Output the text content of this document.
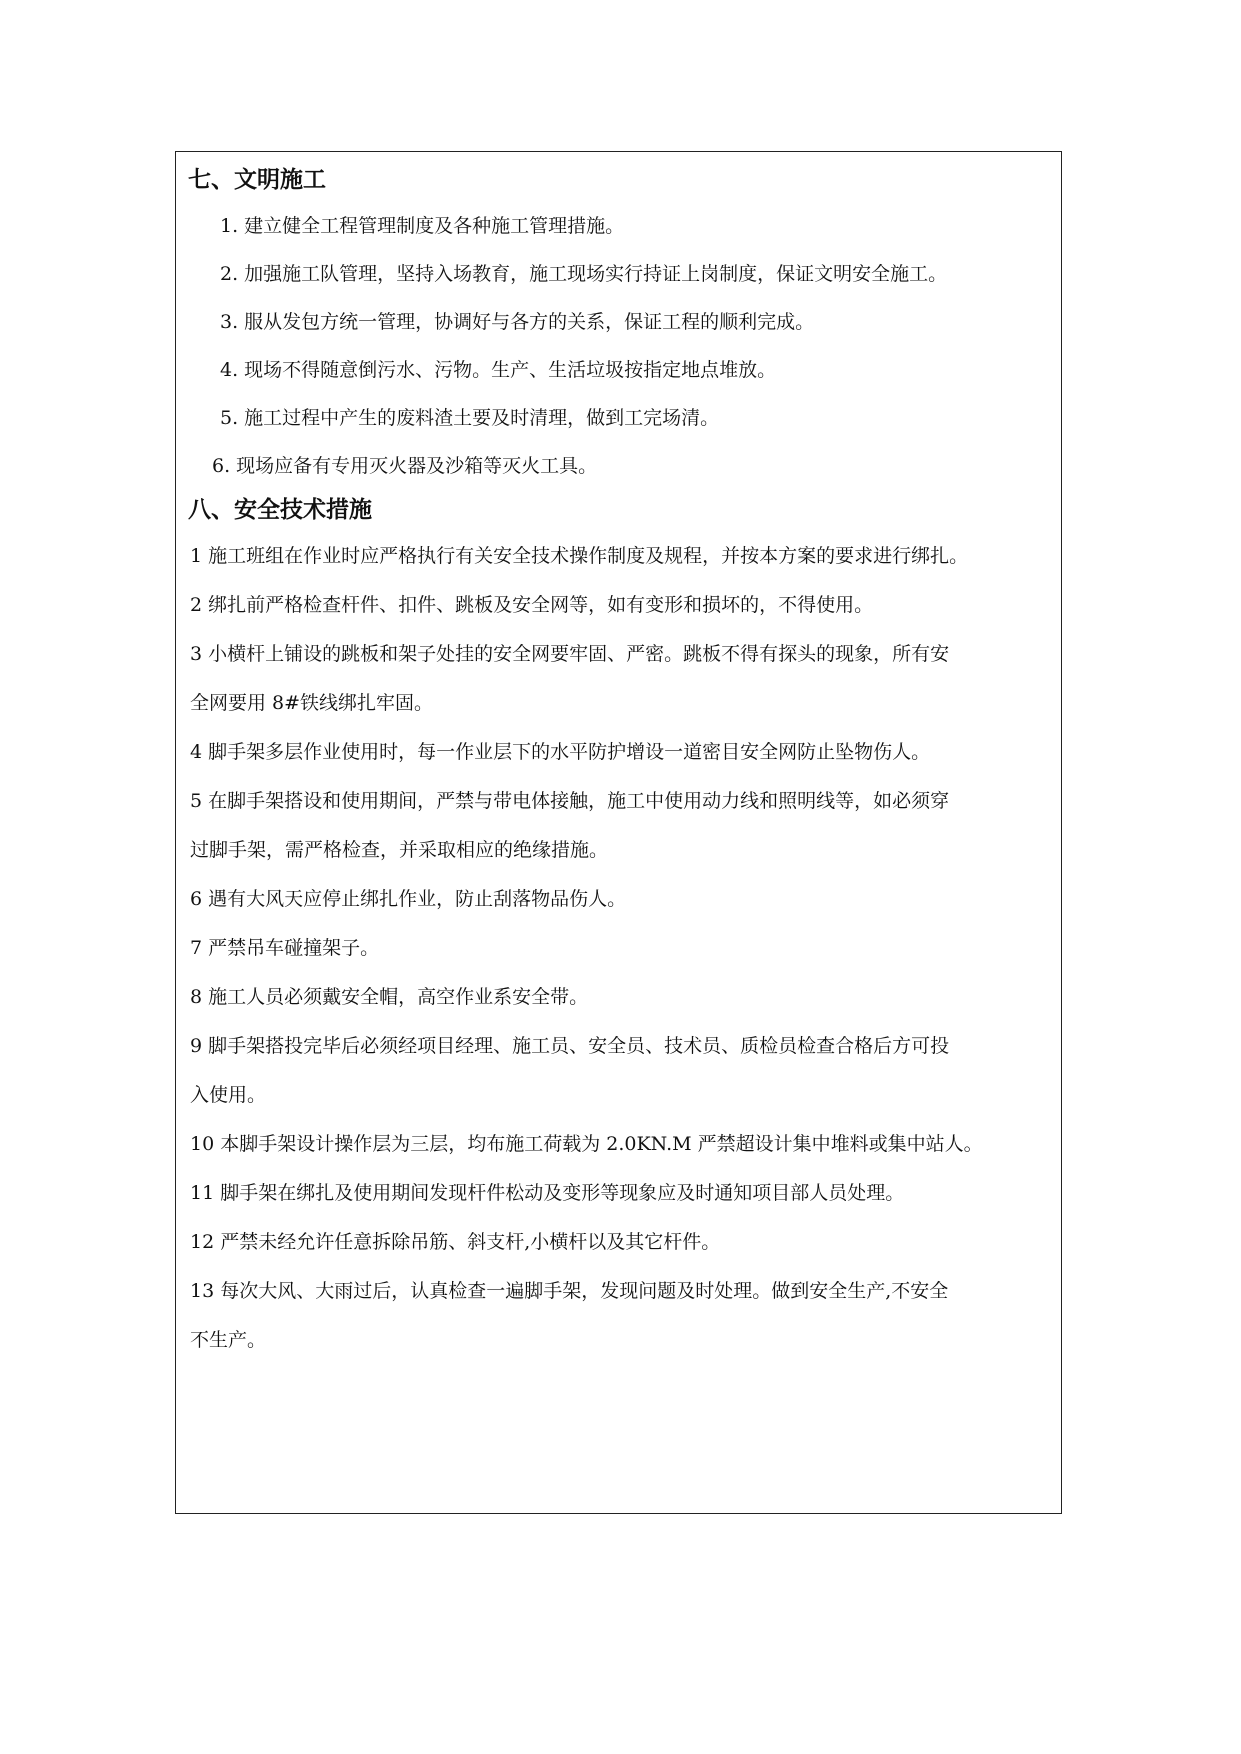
七、文明施工
1. 建立健全工程管理制度及各种施工管理措施。
2. 加强施工队管理，坚持入场教育，施工现场实行持证上岗制度，保证文明安全施工。
3. 服从发包方统一管理，协调好与各方的关系，保证工程的顺利完成。
4. 现场不得随意倒污水、污物。生产、生活垃圾按指定地点堆放。
5. 施工过程中产生的废料渣土要及时清理，做到工完场清。
6. 现场应备有专用灭火器及沙箱等灭火工具。
八、安全技术措施
1 施工班组在作业时应严格执行有关安全技术操作制度及规程，并按本方案的要求进行绑扎。
2 绑扎前严格检查杆件、扣件、跳板及安全网等，如有变形和损坏的，不得使用。
3 小横杆上铺设的跳板和架子处挂的安全网要牢固、严密。跳板不得有探头的现象，所有安
全网要用 8#铁线绑扎牢固。
4 脚手架多层作业使用时，每一作业层下的水平防护增设一道密目安全网防止坠物伤人。
5 在脚手架搭设和使用期间，严禁与带电体接触，施工中使用动力线和照明线等，如必须穿
过脚手架，需严格检查，并采取相应的绝缘措施。
6 遇有大风天应停止绑扎作业，防止刮落物品伤人。
7 严禁吊车碰撞架子。
8 施工人员必须戴安全帽，高空作业系安全带。
9 脚手架搭投完毕后必须经项目经理、施工员、安全员、技术员、质检员检查合格后方可投
入使用。
10 本脚手架设计操作层为三层，均布施工荷载为 2.0KN.M 严禁超设计集中堆料或集中站人。
11 脚手架在绑扎及使用期间发现杆件松动及变形等现象应及时通知项目部人员处理。
12 严禁未经允许任意拆除吊筋、斜支杆,小横杆以及其它杆件。
13 每次大风、大雨过后，认真检查一遍脚手架，发现问题及时处理。做到安全生产,不安全
不生产。
